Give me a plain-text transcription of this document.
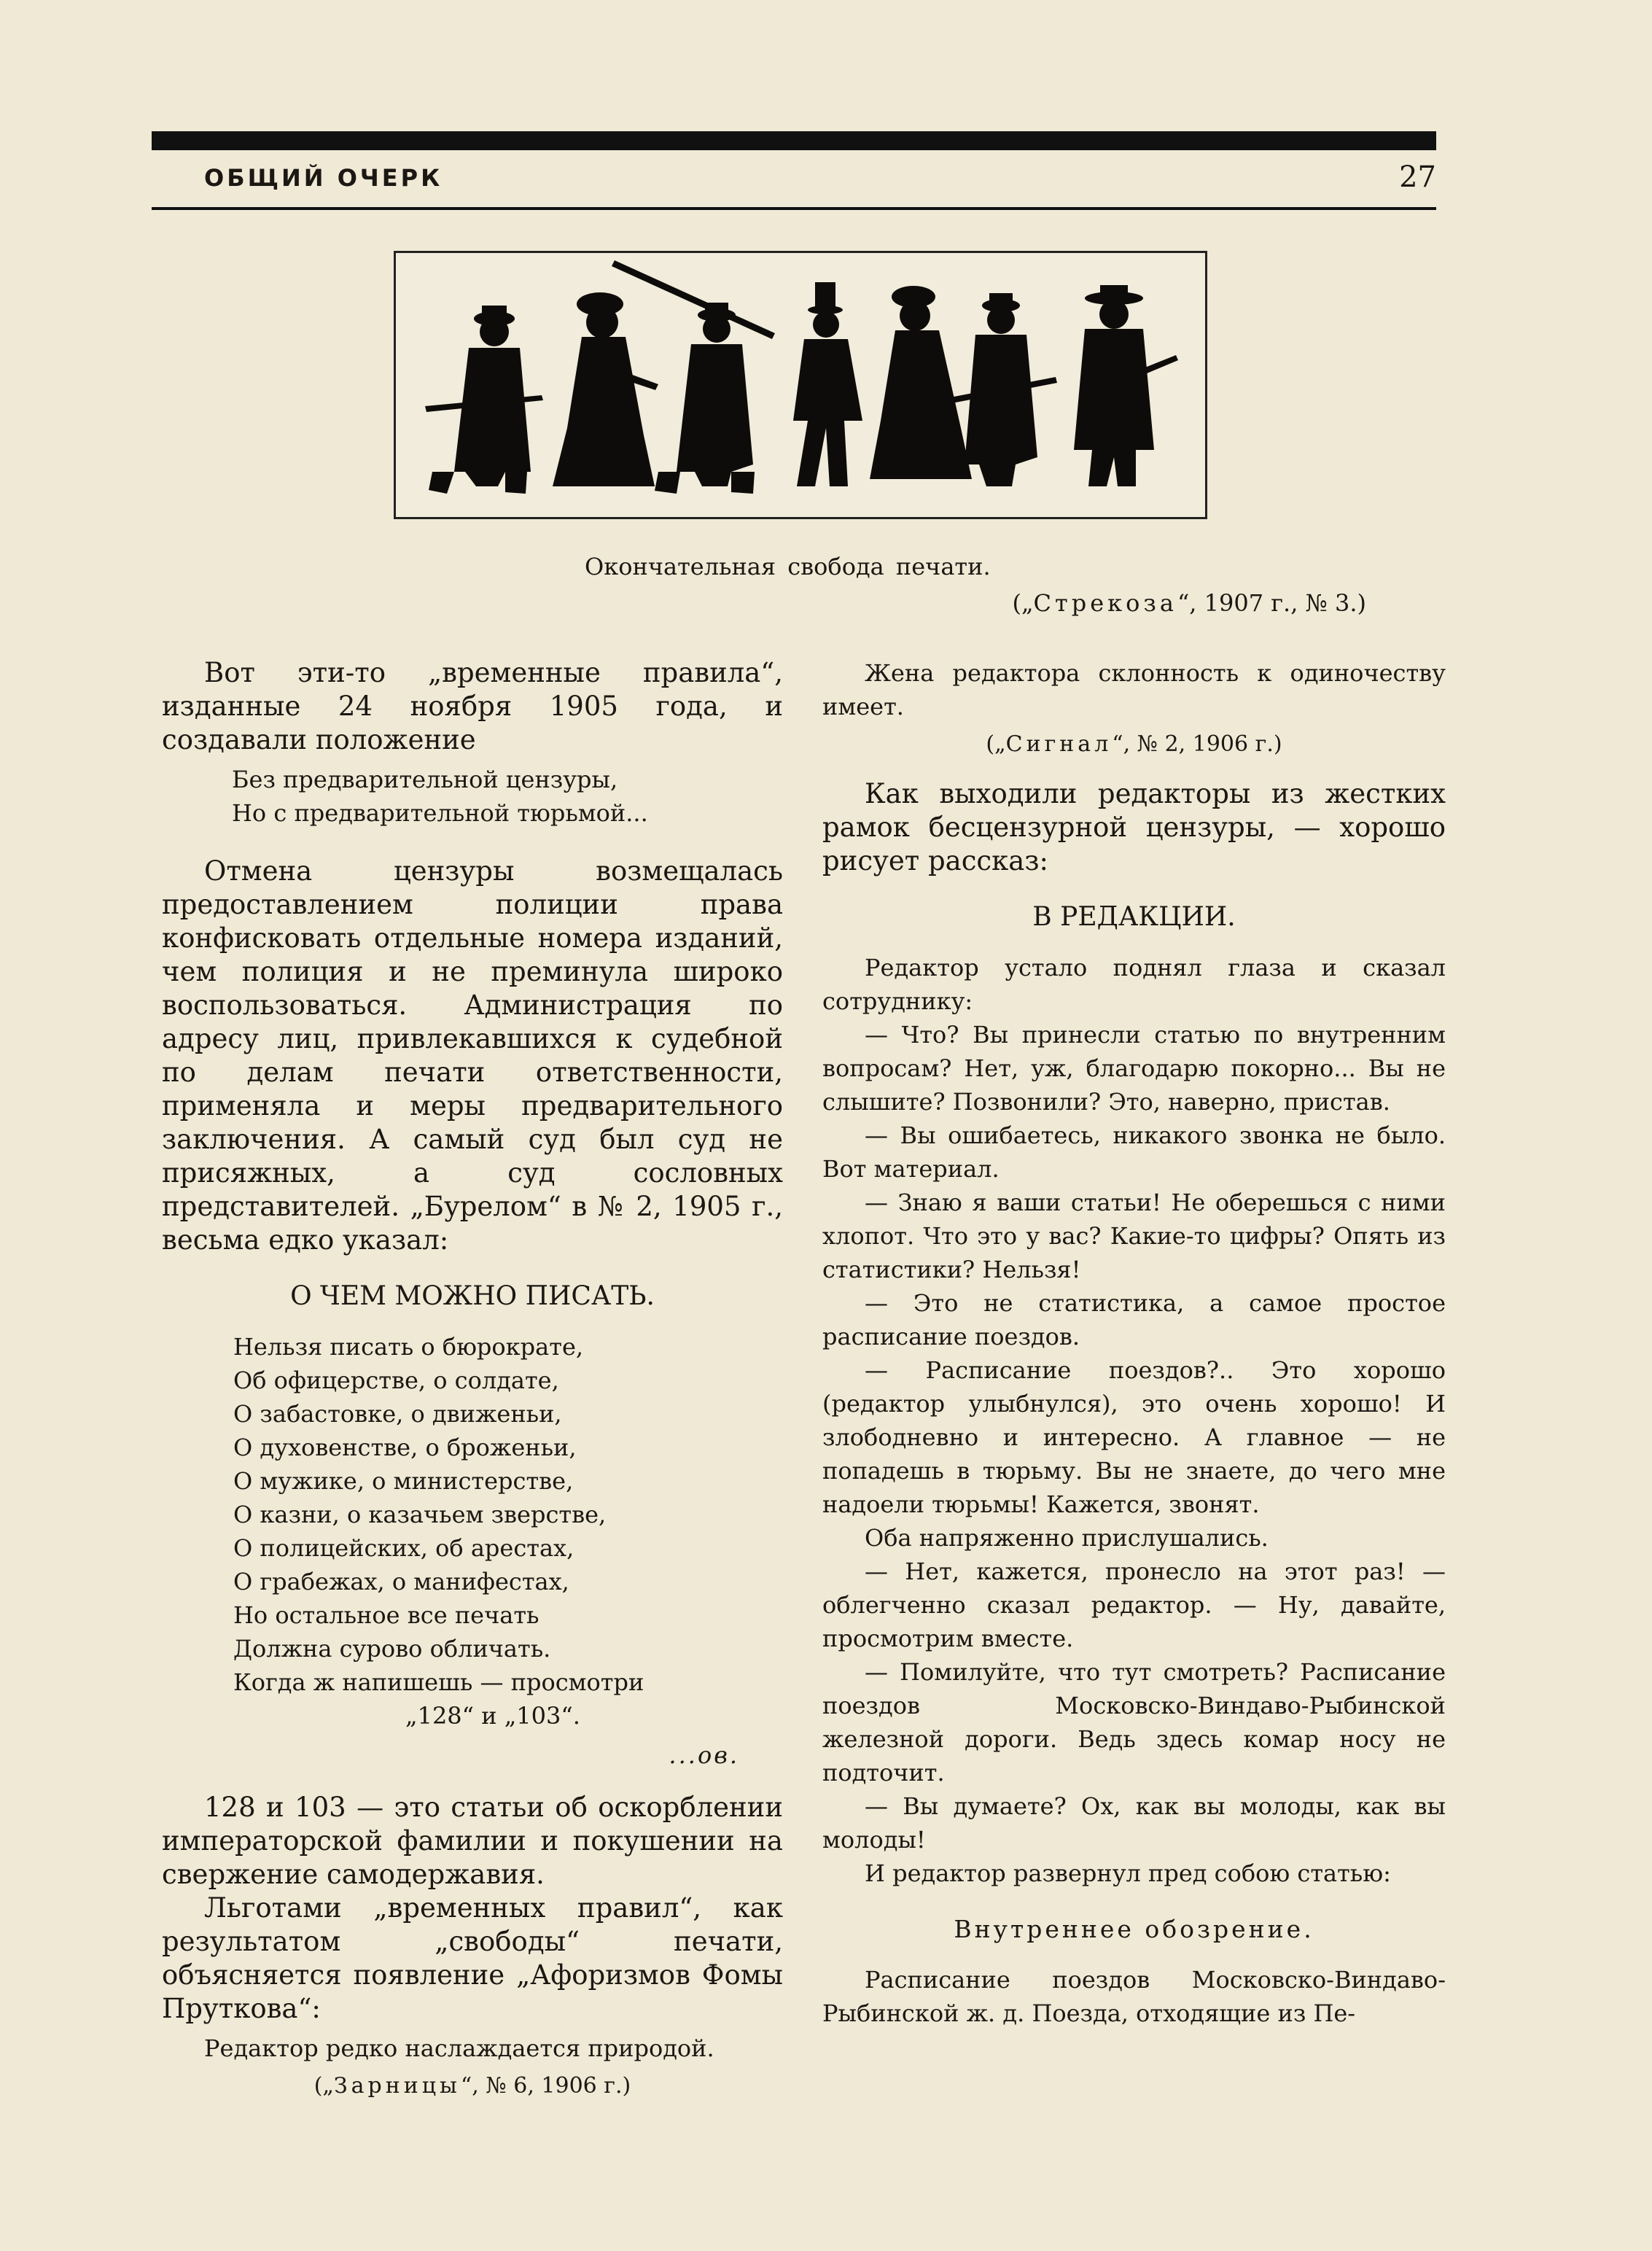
ОБЩИЙ ОЧЕРК	27
Окончательная свобода печати.
(„Стрекоза“, 1907 г., № 3.)

Вот эти-то „временные правила“, изданные 24 ноября 1905 года, и создавали положение

Без предварительной цензуры,
Но с предварительной тюрьмой...

Отмена цензуры возмещалась предоставлением полиции права конфисковать отдельные номера изданий, чем полиция и не преминула широко воспользоваться. Администрация по адресу лиц, привлекавшихся к судебной по делам печати ответственности, применяла и меры предварительного заключения. А самый суд был суд не присяжных, а суд сословных представителей. „Бурелом“ в № 2, 1905 г., весьма едко указал:

О ЧЕМ МОЖНО ПИСАТЬ.
Нельзя писать о бюрократе,
Об офицерстве, о солдате,
О забастовке, о движеньи,
О духовенстве, о броженьи,
О мужике, о министерстве,
О казни, о казачьем зверстве,
О полицейских, об арестах,
О грабежах, о манифестах,
Но остальное все печать
Должна сурово обличать.
Когда ж напишешь — просмотри
„128“ и „103“.
...ов.

128 и 103 — это статьи об оскорблении императорской фамилии и покушении на свержение самодержавия.

Льготами „временных правил“, как результатом „свободы“ печати, объясняется появление „Афоризмов Фомы Пруткова“:

Редактор редко наслаждается природой.

(„Зарницы“, № 6, 1906 г.)

Жена редактора склонность к одиночеству имеет.

(„Сигнал“, № 2, 1906 г.)

Как выходили редакторы из жестких рамок бесцензурной цензуры, — хорошо рисует рассказ:

В РЕДАКЦИИ.

Редактор устало поднял глаза и сказал сотруднику:

— Что? Вы принесли статью по внутренним вопросам? Нет, уж, благодарю покорно... Вы не слышите? Позвонили? Это, наверно, пристав.

— Вы ошибаетесь, никакого звонка не было. Вот материал.

— Знаю я ваши статьи! Не оберешься с ними хлопот. Что это у вас? Какие-то цифры? Опять из статистики? Нельзя!

— Это не статистика, а самое простое расписание поездов.

— Расписание поездов?.. Это хорошо (редактор улыбнулся), это очень хорошо! И злободневно и интересно. А главное — не попадешь в тюрьму. Вы не знаете, до чего мне надоели тюрьмы! Кажется, звонят.

Оба напряженно прислушались.

— Нет, кажется, пронесло на этот раз! — облегченно сказал редактор. — Ну, давайте, просмотрим вместе.

— Помилуйте, что тут смотреть? Расписание поездов Московско-Виндаво-Рыбинской железной дороги. Ведь здесь комар носу не подточит.

— Вы думаете? Ох, как вы молоды, как вы молоды!

И редактор развернул пред собою статью:

Внутреннее обозрение.

Расписание поездов Московско-Виндаво-Рыбинской ж. д. Поезда, отходящие из Пе-
